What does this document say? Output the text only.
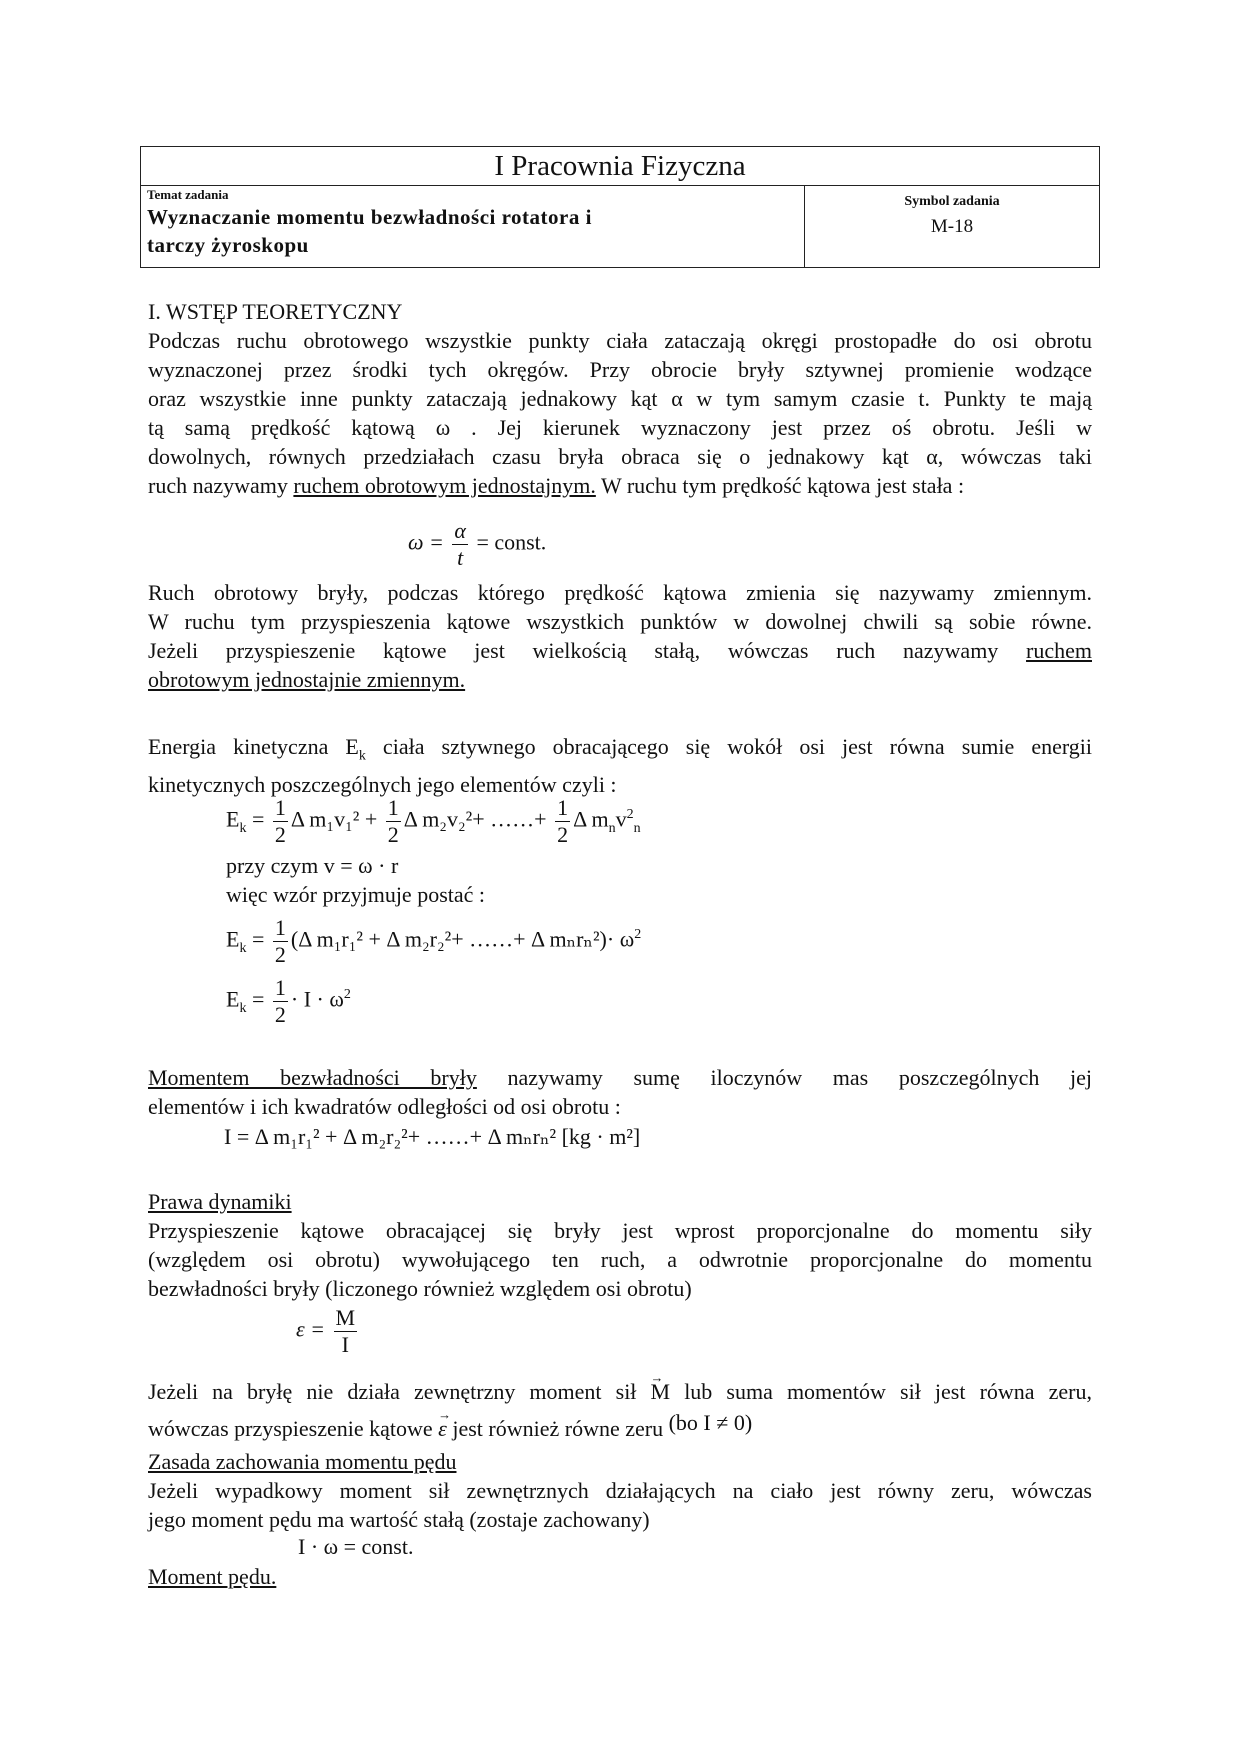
I Pracownia Fizyczna
Temat zadania
Wyznaczanie momentu bezwładności rotatora i
tarczy żyroskopu
Symbol zadania
M-18
I. WSTĘP TEORETYCZNY
Podczas ruchu obrotowego wszystkie punkty ciała zataczają okręgi prostopadłe do osi obrotu
wyznaczonej przez środki tych okręgów. Przy obrocie bryły sztywnej promienie wodzące
oraz wszystkie inne punkty zataczają jednakowy kąt α w tym samym czasie t. Punkty te mają
tą samą prędkość kątową ω . Jej kierunek wyznaczony jest przez oś obrotu. Jeśli w
dowolnych, równych przedziałach czasu bryła obraca się o jednakowy kąt α, wówczas taki
ruch nazywamy ruchem obrotowym jednostajnym. W ruchu tym prędkość kątowa jest stała :
$\omega = \frac{\alpha}{t}$ = const.
Ruch obrotowy bryły, podczas którego prędkość kątowa zmienia się nazywamy zmiennym.
W ruchu tym przyspieszenia kątowe wszystkich punktów w dowolnej chwili są sobie równe.
Jeżeli przyspieszenie kątowe jest wielkością stałą, wówczas ruch nazywamy ruchem
obrotowym jednostajnie zmiennym.
Energia kinetyczna $E_k$ ciała sztywnego obracającego się wokół osi jest równa sumie energii
kinetycznych poszczególnych jego elementów czyli :
$E_k = \frac{1}{2}$ Δ $m_1v_1^2 + \frac{1}{2}$ Δ m₂v₂²+ ……+ $\frac{1}{2}$ Δ $m_nv^2_n$
przy czym v = ω · r
więc wzór przyjmuje postać :
$E_k = \frac{1}{2} (\Delta$ m₁r₁² + Δ m₂r₂²+ ……+ Δ $m_nr_n^2)\cdot \omega^2$
$E_k = \frac{1}{2} \cdot I \cdot \omega^2$
Momentem bezwładności bryły nazywamy sumę iloczynów mas poszczególnych jej
elementów i ich kwadratów odległości od osi obrotu :
I = Δ m₁r₁² + Δ m₂r₂²+ ……+ Δ mₙrₙ² [kg · m²]
Prawa dynamiki
Przyspieszenie kątowe obracającej się bryły jest wprost proporcjonalne do momentu siły
(względem osi obrotu) wywołującego ten ruch, a odwrotnie proporcjonalne do momentu
bezwładności bryły (liczonego również względem osi obrotu)
$\varepsilon = \frac{M}{I}$
Jeżeli na bryłę nie działa zewnętrzny moment sił → M lub suma momentów sił jest równa zeru,
wówczas przyspieszenie kątowe → ε jest również równe zeru (bo I ≠ 0)
Zasada zachowania momentu pędu
Jeżeli wypadkowy moment sił zewnętrznych działających na ciało jest równy zeru, wówczas
jego moment pędu ma wartość stałą (zostaje zachowany)
I · ω = const.
Moment pędu.
